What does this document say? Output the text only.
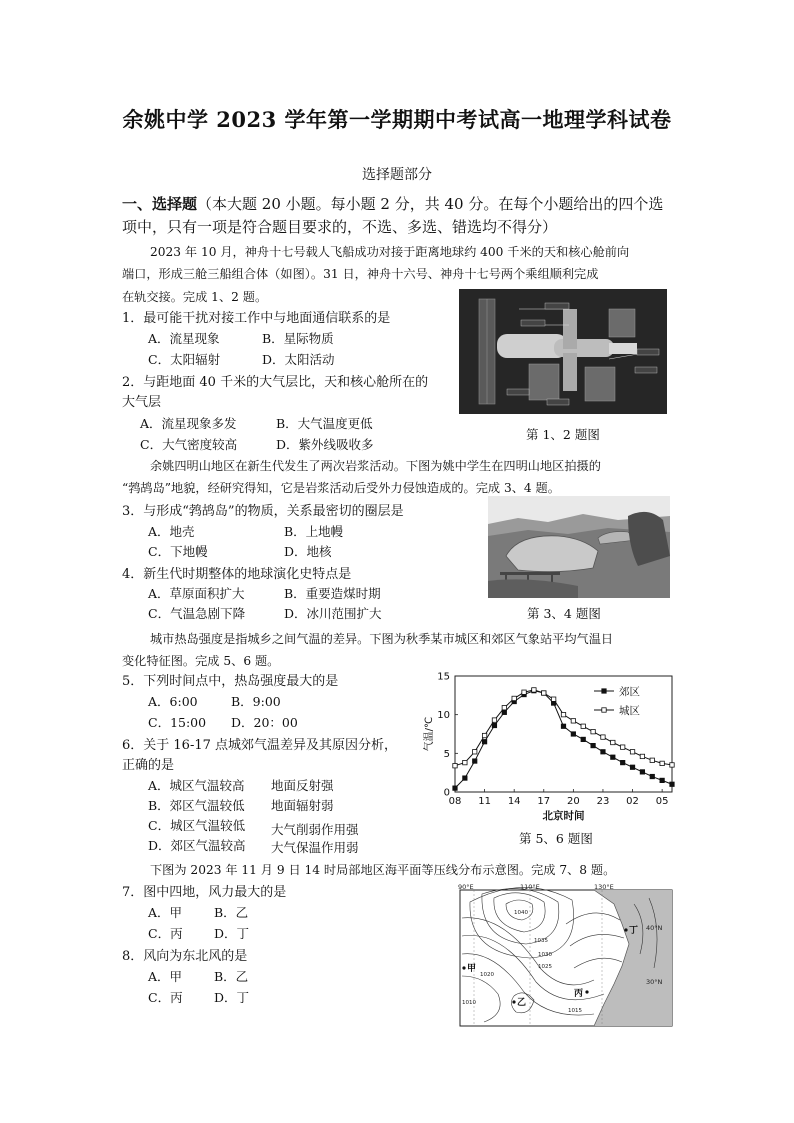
余姚中学 2023 学年第一学期期中考试高一地理学科试卷
选择题部分
一、选择题（本大题 20 小题。每小题 2 分，共 40 分。在每个小题给出的四个选
项中，只有一项是符合题目要求的，不选、多选、错选均不得分）
2023 年 10 月，神舟十七号载人飞船成功对接于距离地球约 400 千米的天和核心舱前向
端口，形成三舱三船组合体（如图）。31 日，神舟十六号、神舟十七号两个乘组顺利完成
在轨交接。完成 1、2 题。
1．最可能干扰对接工作中与地面通信联系的是
A．流星现象	B．星际物质
C．太阳辐射	D．太阳活动
2．与距地面 40 千米的大气层比，天和核心舱所在的
大气层
A．流星现象多发	B．大气温度更低
C．大气密度较高	D．紫外线吸收多
第 1、2 题图
余姚四明山地区在新生代发生了两次岩浆活动。下图为姚中学生在四明山地区拍摄的
“鹁鸪岛”地貌，经研究得知，它是岩浆活动后受外力侵蚀造成的。完成 3、4 题。
第 3、4 题图
3．与形成“鹁鸪岛”的物质，关系最密切的圈层是
A．地壳	B．上地幔
C．下地幔	D．地核
4．新生代时期整体的地球演化史特点是
A．草原面积扩大	B．重要造煤时期
C．气温急剧下降	D．冰川范围扩大
城市热岛强度是指城乡之间气温的差异。下图为秋季某市城区和郊区气象站平均气温日
变化特征图。完成 5、6 题。
5．下列时间点中，热岛强度最大的是
A．6:00	B．9:00
C．15:00 D．20：00
6．关于 16-17 点城郊气温差异及其原因分析，
正确的是
A．城区气温较高 地面反射强
B．郊区气温较低 地面辐射弱
C．城区气温较低 大气削弱作用强
D．郊区气温较高 大气保温作用弱
0
5
10
15
08 11 14 17 20 23 02 05
北京时间
气温/℃
郊区
城区
第 5、6 题图
下图为 2023 年 11 月 9 日 14 时局部地区海平面等压线分布示意图。完成 7、8 题。
7．图中四地，风力最大的是
A．甲	B．乙
C．丙	D．丁
8．风向为东北风的是
A．甲	B．乙
C．丙	D．丁
90°E	110°E	130°E
40°N
30°N
1040
1035
1030
1025
1020
1010
1015
甲
乙
丙
丁
